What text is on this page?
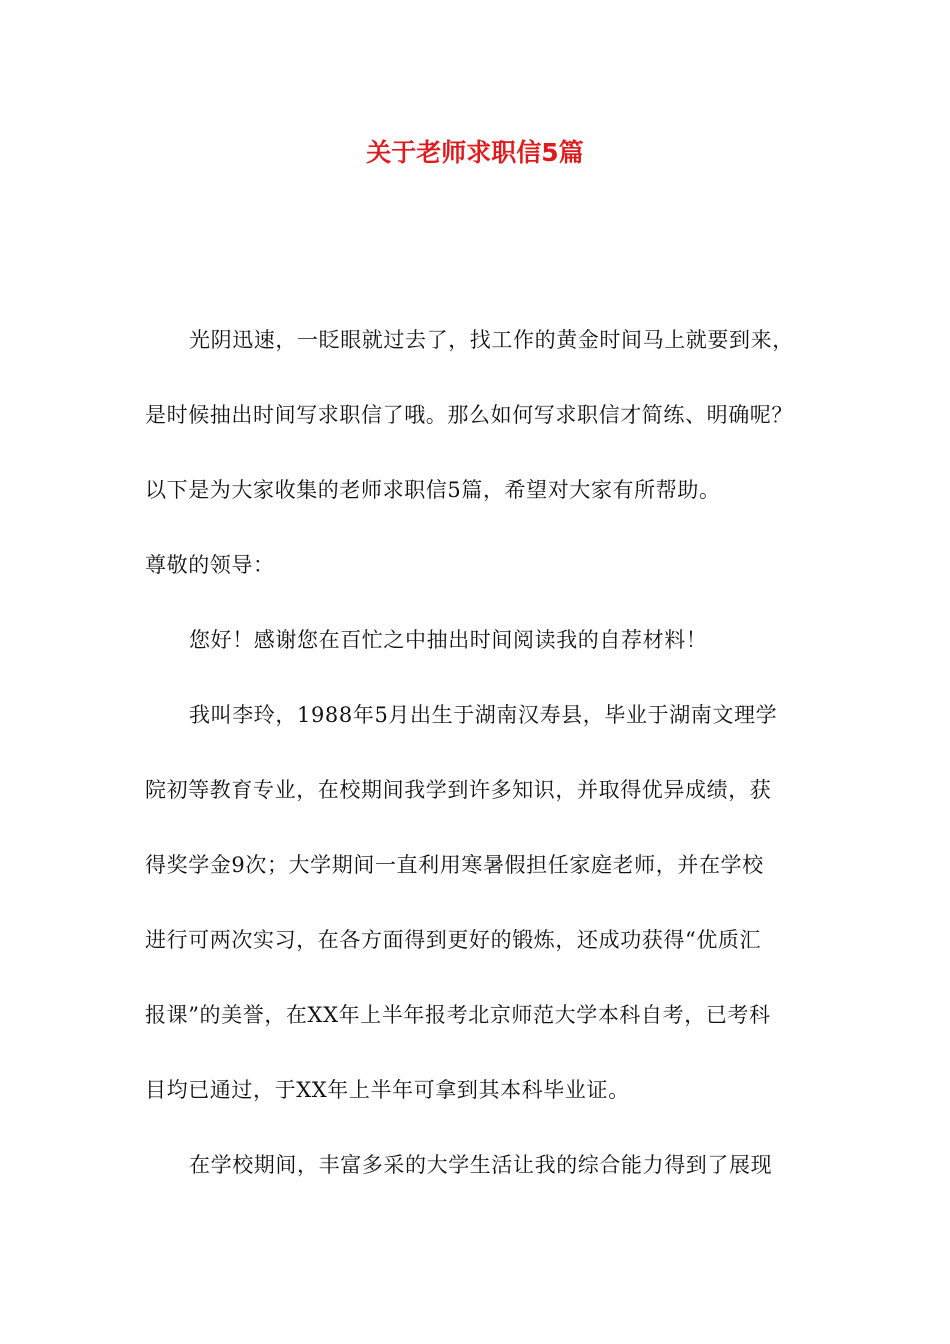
关于老师求职信5篇
光阴迅速，一眨眼就过去了，找工作的黄金时间马上就要到来，
是时候抽出时间写求职信了哦。那么如何写求职信才简练、明确呢？
以下是为大家收集的老师求职信5篇，希望对大家有所帮助。
尊敬的领导：
您好！感谢您在百忙之中抽出时间阅读我的自荐材料！
我叫李玲，1988年5月出生于湖南汉寿县，毕业于湖南文理学
院初等教育专业，在校期间我学到许多知识，并取得优异成绩，获
得奖学金9次；大学期间一直利用寒暑假担任家庭老师，并在学校
进行可两次实习，在各方面得到更好的锻炼，还成功获得“优质汇
报课”的美誉，在XX年上半年报考北京师范大学本科自考，已考科
目均已通过，于XX年上半年可拿到其本科毕业证。
在学校期间，丰富多采的大学生活让我的综合能力得到了展现
